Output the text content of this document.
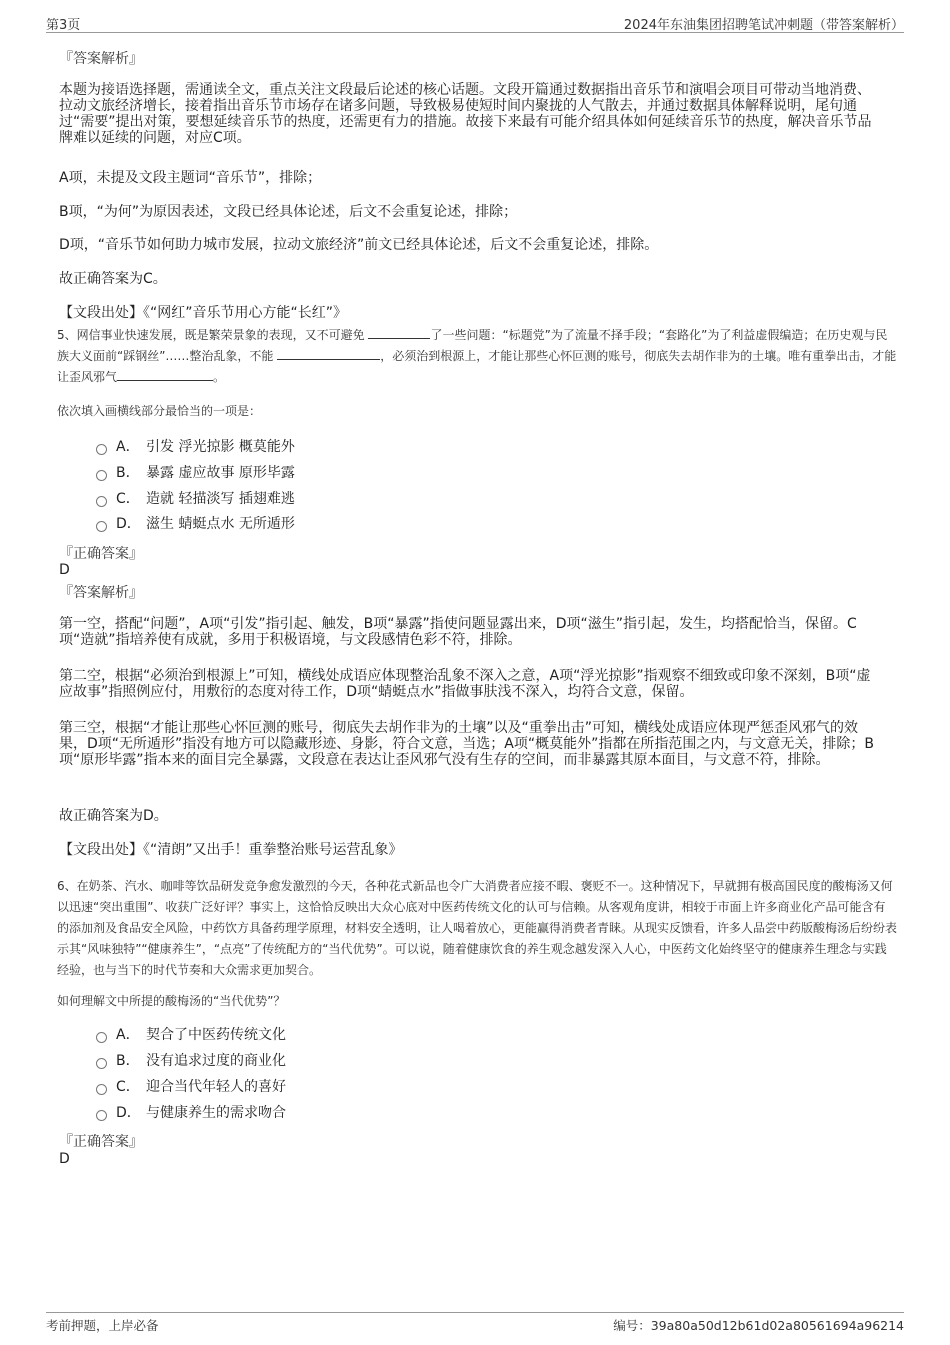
第3页	2024年东油集团招聘笔试冲刺题（带答案解析）
『答案解析』
本题为接语选择题，需通读全文，重点关注文段最后论述的核心话题。文段开篇通过数据指出音乐节和演唱会项目可带动当地消费、拉动文旅经济增长，接着指出音乐节市场存在诸多问题，导致极易使短时间内聚拢的人气散去，并通过数据具体解释说明，尾句通过“需要”提出对策，要想延续音乐节的热度，还需更有力的措施。故接下来最有可能介绍具体如何延续音乐节的热度，解决音乐节品牌难以延续的问题，对应C项。
A项，未提及文段主题词“音乐节”，排除；
B项，“为何”为原因表述，文段已经具体论述，后文不会重复论述，排除；
D项，“音乐节如何助力城市发展，拉动文旅经济”前文已经具体论述，后文不会重复论述，排除。
故正确答案为C。
【文段出处】《“网红”音乐节用心方能“长红”》
5、网信事业快速发展，既是繁荣景象的表现，又不可避免	了一些问题：“标题党”为了流量不择手段；“套路化”为了利益虚假编造；在历史观与民族大义面前“踩钢丝”……整治乱象，不能	，必须治到根源上，才能让那些心怀叵测的账号，彻底失去胡作非为的土壤。唯有重拳出击，才能让歪风邪气	。
依次填入画横线部分最恰当的一项是：
A． 引发 浮光掠影 概莫能外
B． 暴露 虚应故事 原形毕露
C． 造就 轻描淡写 插翅难逃
D． 滋生 蜻蜓点水 无所遁形
『正确答案』
D
『答案解析』
第一空，搭配“问题”，A项“引发”指引起、触发，B项“暴露”指使问题显露出来，D项“滋生”指引起，发生，均搭配恰当，保留。C项“造就”指培养使有成就，多用于积极语境，与文段感情色彩不符，排除。
第二空，根据“必须治到根源上”可知，横线处成语应体现整治乱象不深入之意，A项“浮光掠影”指观察不细致或印象不深刻，B项“虚应故事”指照例应付，用敷衍的态度对待工作，D项“蜻蜓点水”指做事肤浅不深入，均符合文意，保留。
第三空，根据“才能让那些心怀叵测的账号，彻底失去胡作非为的土壤”以及“重拳出击”可知，横线处成语应体现严惩歪风邪气的效果，D项“无所遁形”指没有地方可以隐藏形迹、身影，符合文意，当选；A项“概莫能外”指都在所指范围之内，与文意无关，排除；B项“原形毕露”指本来的面目完全暴露，文段意在表达让歪风邪气没有生存的空间，而非暴露其原本面目，与文意不符，排除。
故正确答案为D。
【文段出处】《“清朗”又出手！重拳整治账号运营乱象》
6、在奶茶、汽水、咖啡等饮品研发竞争愈发激烈的今天，各种花式新品也令广大消费者应接不暇、褒贬不一。这种情况下，早就拥有极高国民度的酸梅汤又何以迅速“突出重围”、收获广泛好评？事实上，这恰恰反映出大众心底对中医药传统文化的认可与信赖。从客观角度讲，相较于市面上许多商业化产品可能含有的添加剂及食品安全风险，中药饮方具备药理学原理，材料安全透明，让人喝着放心，更能赢得消费者青睐。从现实反馈看，许多人品尝中药版酸梅汤后纷纷表示其“风味独特”“健康养生”，“点亮”了传统配方的“当代优势”。可以说，随着健康饮食的养生观念越发深入人心，中医药文化始终坚守的健康养生理念与实践经验，也与当下的时代节奏和大众需求更加契合。
如何理解文中所提的酸梅汤的“当代优势”？
A． 契合了中医药传统文化
B． 没有追求过度的商业化
C． 迎合当代年轻人的喜好
D． 与健康养生的需求吻合
『正确答案』
D
考前押题，上岸必备	编号：39a80a50d12b61d02a80561694a96214
